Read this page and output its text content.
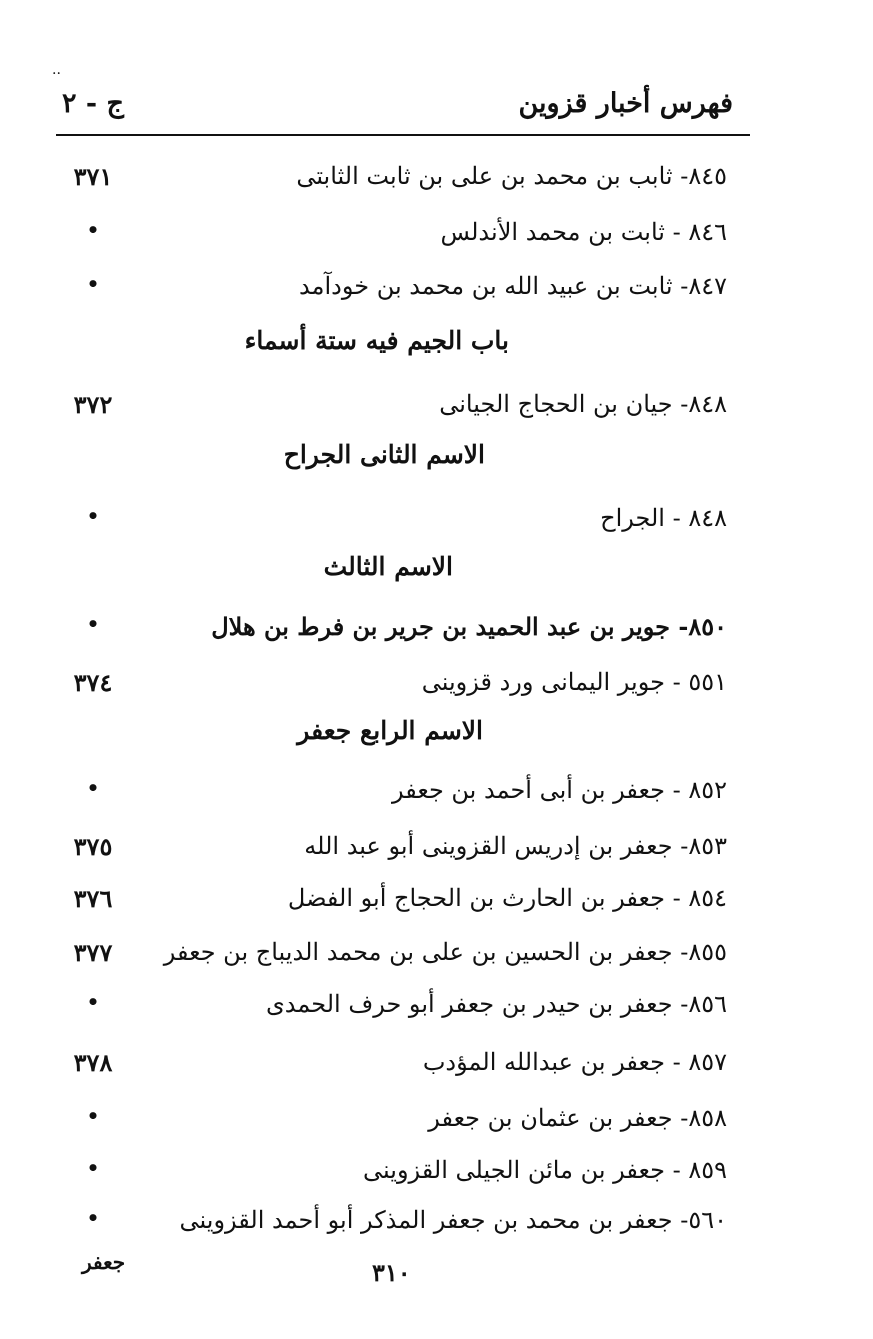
..
فهرس أخبار قزوين
ج - ٢
٨٤٥- ثابب بن محمد بن علی بن ثابت الثابتی
٣٧١
٨٤٦ - ثابت بن محمد الأندلس
•
٨٤٧- ثابت بن عبيد الله بن محمد بن خودآمد
•
باب الجيم فيه ستة أسماء
٨٤٨- جيان بن الحجاج الجيانی
٣٧٢
الاسم الثانى الجراح
٨٤٨ - الجراح
•
الاسم الثالث
٨٥٠- جوير بن عبد الحميد بن جرير بن فرط بن هلال
•
٥٥١ - جوير اليمانی ورد قزوينی
٣٧٤
الاسم الرابع جعفر
٨٥٢ - جعفر بن أبی أحمد بن جعفر
•
٨٥٣- جعفر بن إدريس القزوينی أبو عبد الله
٣٧٥
٨٥٤ - جعفر بن الحارث بن الحجاج أبو الفضل
٣٧٦
٨٥٥- جعفر بن الحسين بن علی بن محمد الديباج بن جعفر
٣٧٧
٨٥٦- جعفر بن حيدر بن جعفر أبو حرف الحمدی
•
٨٥٧ - جعفر بن عبدالله المؤدب
٣٧٨
٨٥٨- جعفر بن عثمان بن جعفر
•
٨٥٩ - جعفر بن مائن الجيلی القزوينی
•
٥٦٠- جعفر بن محمد بن جعفر المذكر أبو أحمد القزوينی
•
جعفر	٣١٠
